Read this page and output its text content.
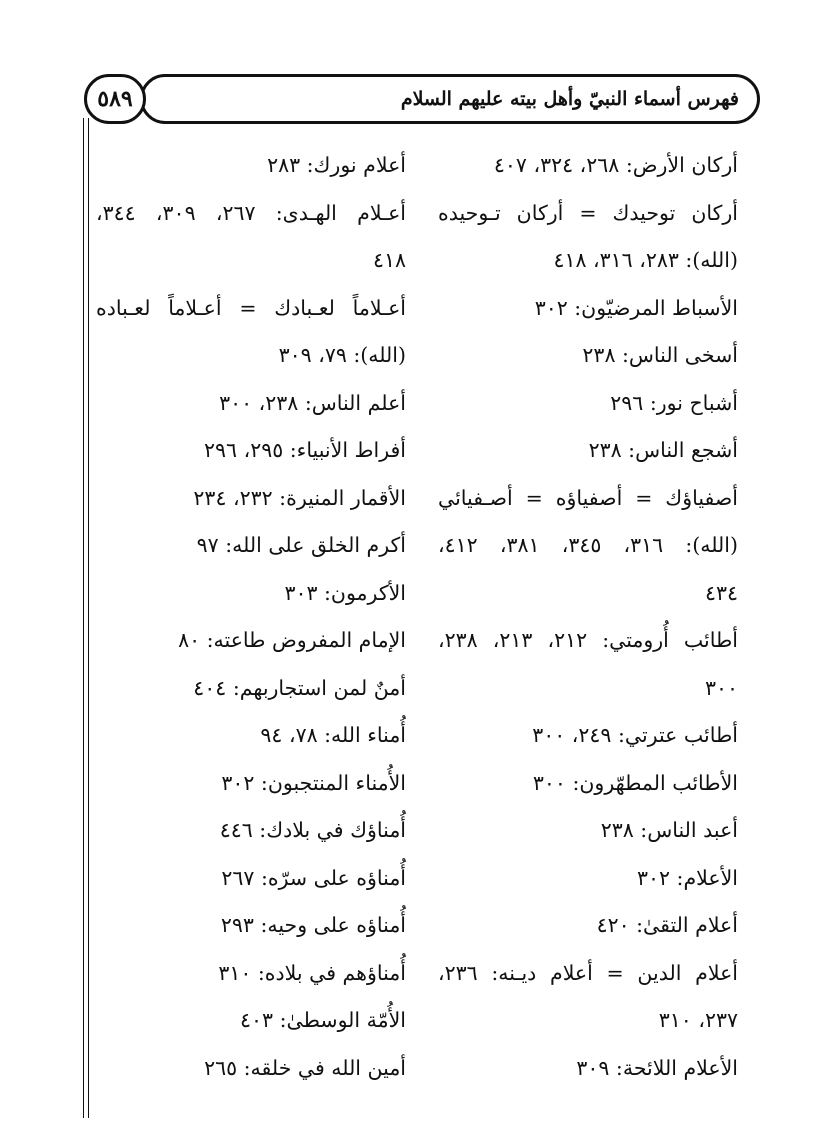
فهرس أسماء النبيّ وأهل بيته عليهم السلام
٥٨٩
أركان الأرض: ٢٦٨، ٣٢٤، ٤٠٧
أركان توحيدك = أركان تـوحيده
(الله): ٢٨٣، ٣١٦، ٤١٨
الأسباط المرضيّون: ٣٠٢
أسخى الناس: ٢٣٨
أشباح نور: ٢٩٦
أشجع الناس: ٢٣٨
أصفياؤك = أصفياؤه = أصـفيائي
(الله): ٣١٦، ٣٤٥، ٣٨١، ٤١٢،
٤٣٤
أطائب أُرومتي: ٢١٢، ٢١٣، ٢٣٨،
٣٠٠
أطائب عترتي: ٢٤٩، ٣٠٠
الأطائب المطهّرون: ٣٠٠
أعبد الناس: ٢٣٨
الأعلام: ٣٠٢
أعلام التقىٰ: ٤٢٠
أعلام الدين = أعلام ديـنه: ٢٣٦،
٢٣٧، ٣١٠
الأعلام اللائحة: ٣٠٩
أعلام نورك: ٢٨٣
أعـلام الهـدى: ٢٦٧، ٣٠٩، ٣٤٤،
٤١٨
أعـلاماً لعـبادك = أعـلاماً لعـباده
(الله): ٧٩، ٣٠٩
أعلم الناس: ٢٣٨، ٣٠٠
أفراط الأنبياء: ٢٩٥، ٢٩٦
الأقمار المنيرة: ٢٣٢، ٢٣٤
أكرم الخلق على الله: ٩٧
الأكرمون: ٣٠٣
الإمام المفروض طاعته: ٨٠
أمنٌ لمن استجاربهم: ٤٠٤
أُمناء الله: ٧٨، ٩٤
الأُمناء المنتجبون: ٣٠٢
أُمناؤك في بلادك: ٤٤٦
أُمناؤه على سرّه: ٢٦٧
أُمناؤه على وحيه: ٢٩٣
أُمناؤهم في بلاده: ٣١٠
الأُمّة الوسطىٰ: ٤٠٣
أمين الله في خلقه: ٢٦٥
